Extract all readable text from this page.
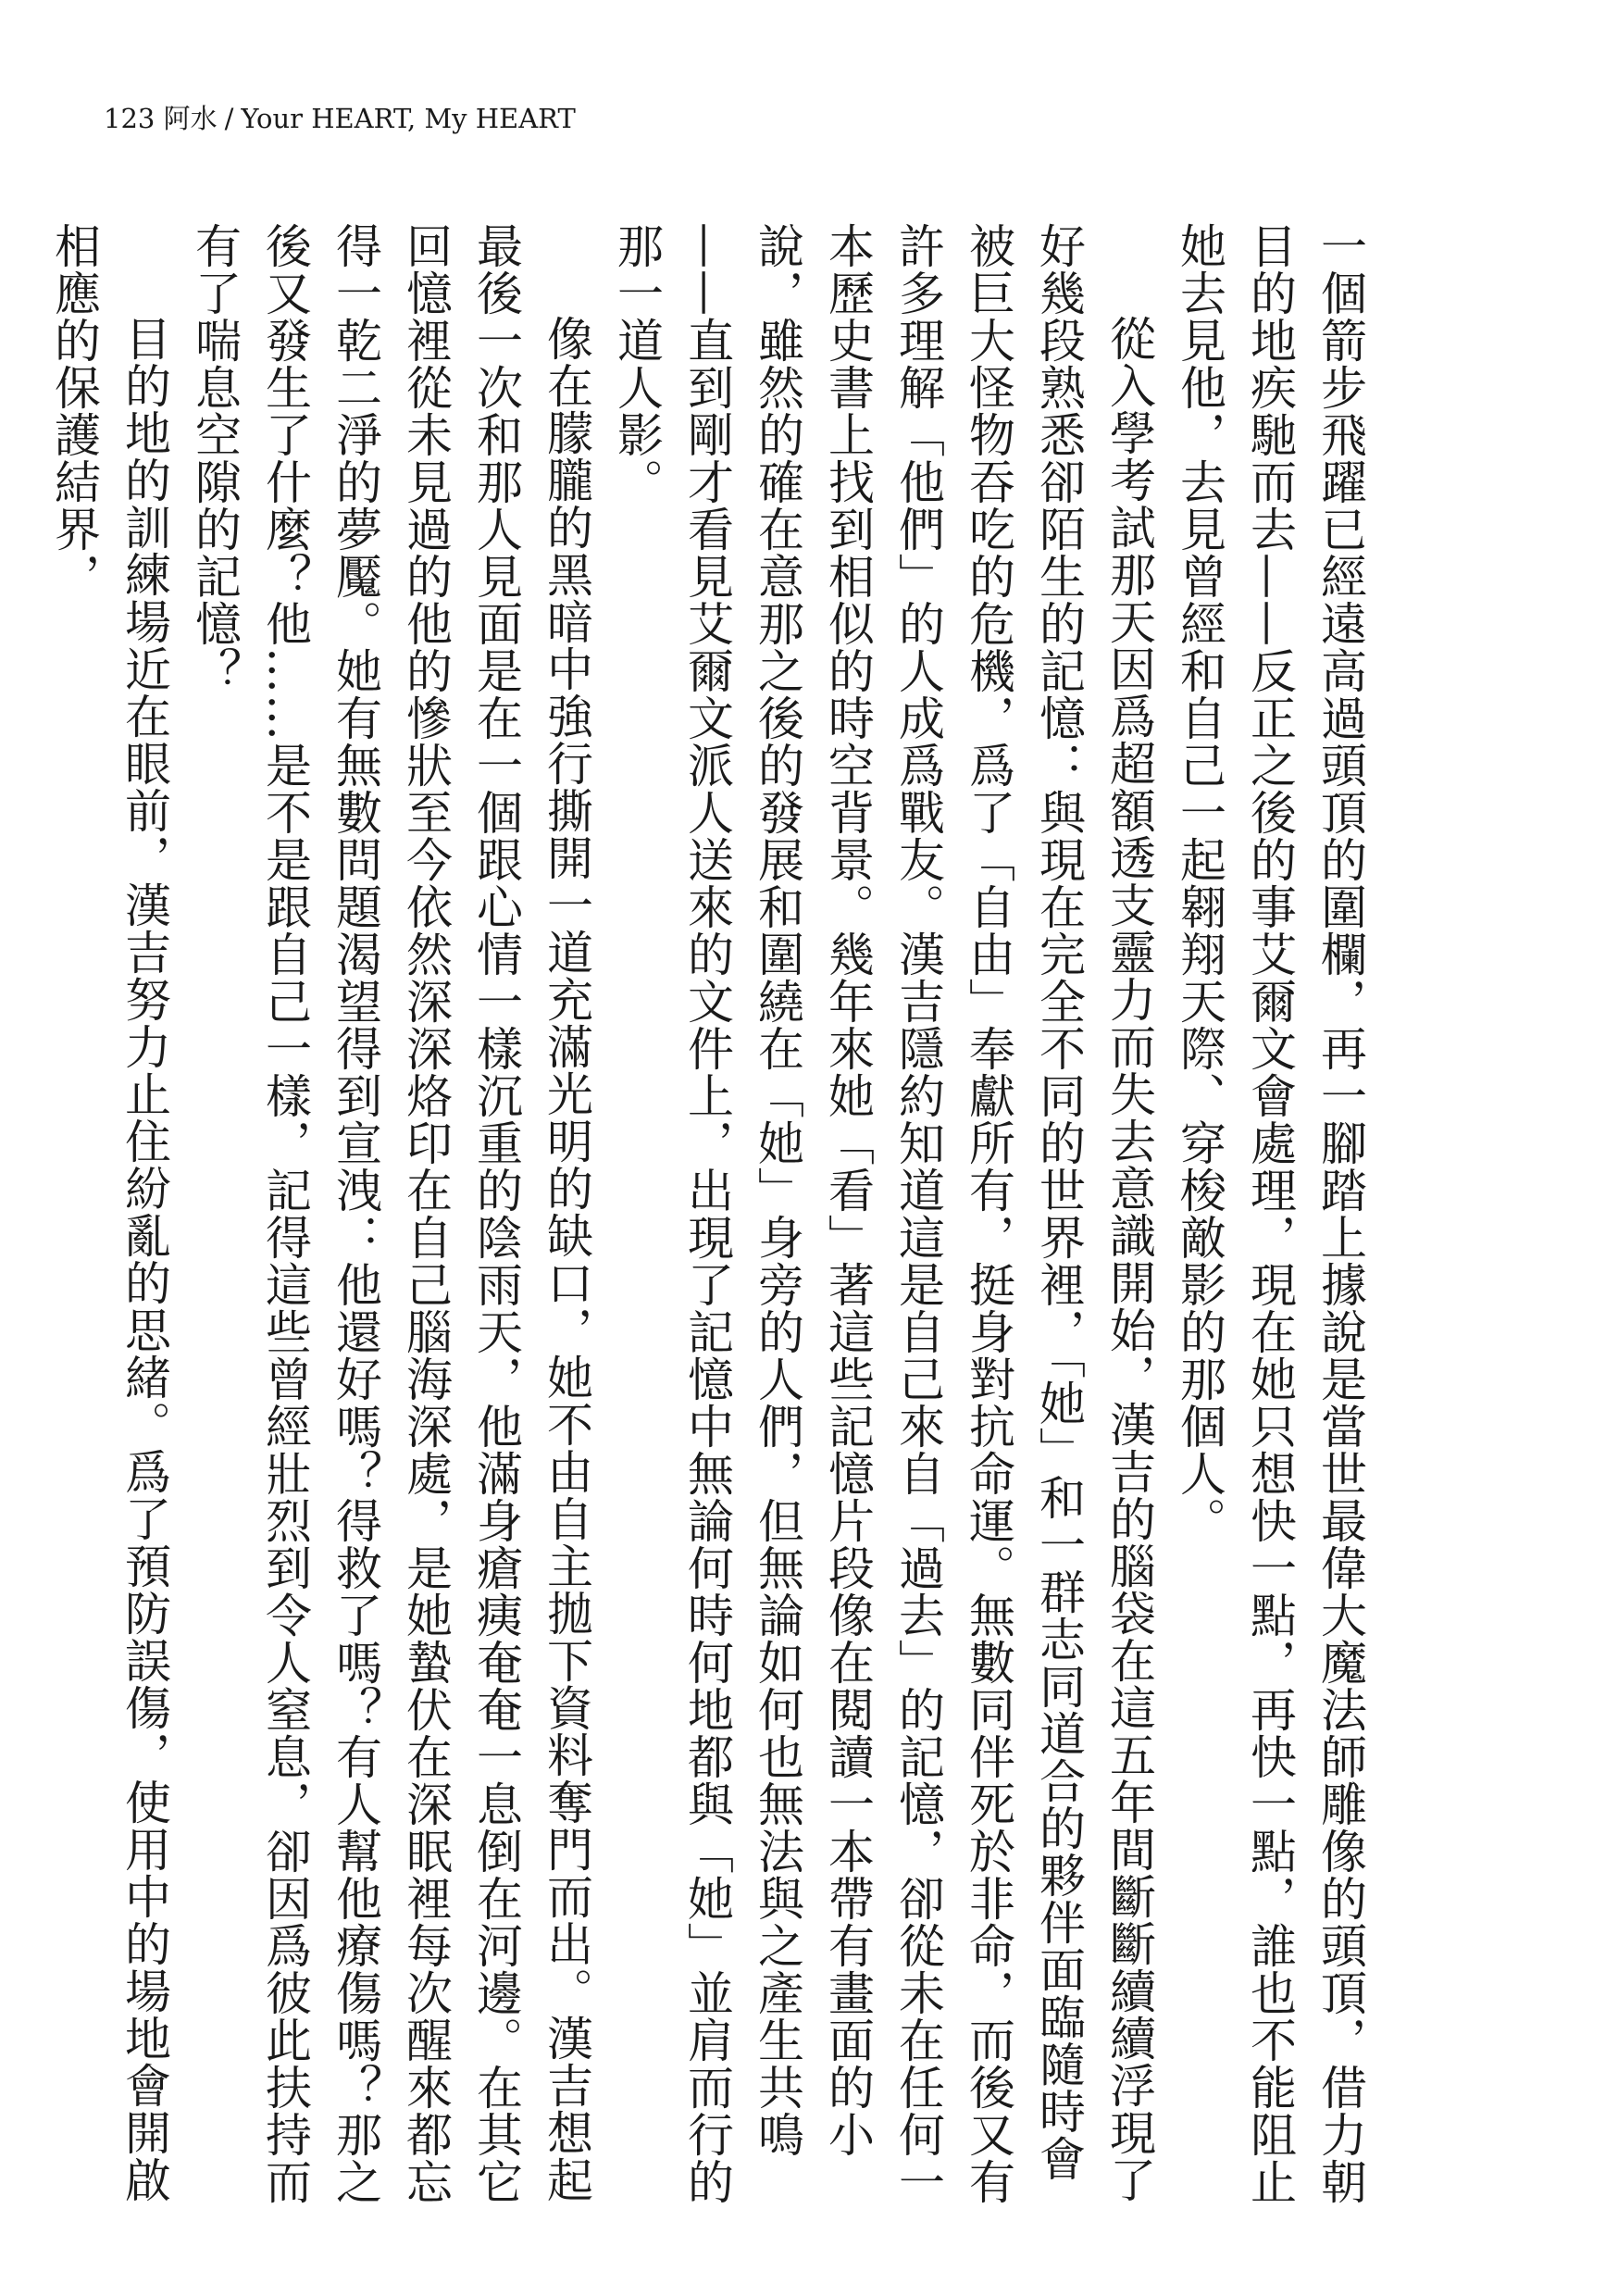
123 阿水 / Your HEART, My HEART

一個箭步飛躍已經遠高過頭頂的圍欄，再一腳踏上據說是當世最偉大魔法師雕像的頭頂，借力朝目的地疾馳而去——反正之後的事艾爾文會處理，現在她只想快一點，再快一點，誰也不能阻止她去見他，去見曾經和自己一起翱翔天際、穿梭敵影的那個人。

從入學考試那天因爲超額透支靈力而失去意識開始，漢吉的腦袋在這五年間斷斷續續浮現了好幾段熟悉卻陌生的記憶：與現在完全不同的世界裡，「她」和一群志同道合的夥伴面臨隨時會被巨大怪物吞吃的危機，爲了「自由」奉獻所有，挺身對抗命運。無數同伴死於非命，而後又有許多理解「他們」的人成爲戰友。漢吉隱約知道這是自己來自「過去」的記憶，卻從未在任何一本歷史書上找到相似的時空背景。幾年來她「看」著這些記憶片段像在閱讀一本帶有畫面的小說，雖然的確在意那之後的發展和圍繞在「她」身旁的人們，但無論如何也無法與之產生共鳴——直到剛才看見艾爾文派人送來的文件上，出現了記憶中無論何時何地都與「她」並肩而行的那一道人影。

像在朦朧的黑暗中強行撕開一道充滿光明的缺口，她不由自主拋下資料奪門而出。漢吉想起最後一次和那人見面是在一個跟心情一樣沉重的陰雨天，他滿身瘡痍奄奄一息倒在河邊。在其它回憶裡從未見過的他的慘狀至今依然深深烙印在自己腦海深處，是她蟄伏在深眠裡每次醒來都忘得一乾二淨的夢魘。她有無數問題渴望得到宣洩：他還好嗎？得救了嗎？有人幫他療傷嗎？那之後又發生了什麼？他……是不是跟自己一樣，記得這些曾經壯烈到令人窒息，卻因爲彼此扶持而有了喘息空隙的記憶？

目的地的訓練場近在眼前，漢吉努力止住紛亂的思緒。爲了預防誤傷，使用中的場地會開啟相應的保護結界，
